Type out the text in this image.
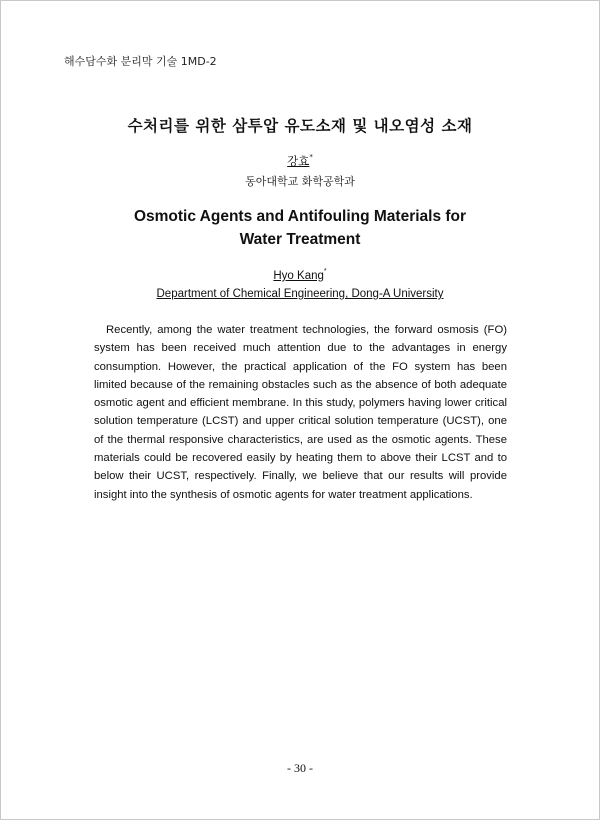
해수담수화 분리막 기술 1MD-2
수처리를 위한 삼투압 유도소재 및 내오염성 소재
강효*
동아대학교 화학공학과
Osmotic Agents and Antifouling Materials for
Water Treatment
Hyo Kang*
Department of Chemical Engineering, Dong-A University
Recently, among the water treatment technologies, the forward osmosis (FO) system has been received much attention due to the advantages in energy consumption. However, the practical application of the FO system has been limited because of the remaining obstacles such as the absence of both adequate osmotic agent and efficient membrane. In this study, polymers having lower critical solution temperature (LCST) and upper critical solution temperature (UCST), one of the thermal responsive characteristics, are used as the osmotic agents. These materials could be recovered easily by heating them to above their LCST and to below their UCST, respectively. Finally, we believe that our results will provide insight into the synthesis of osmotic agents for water treatment applications.
- 30 -
